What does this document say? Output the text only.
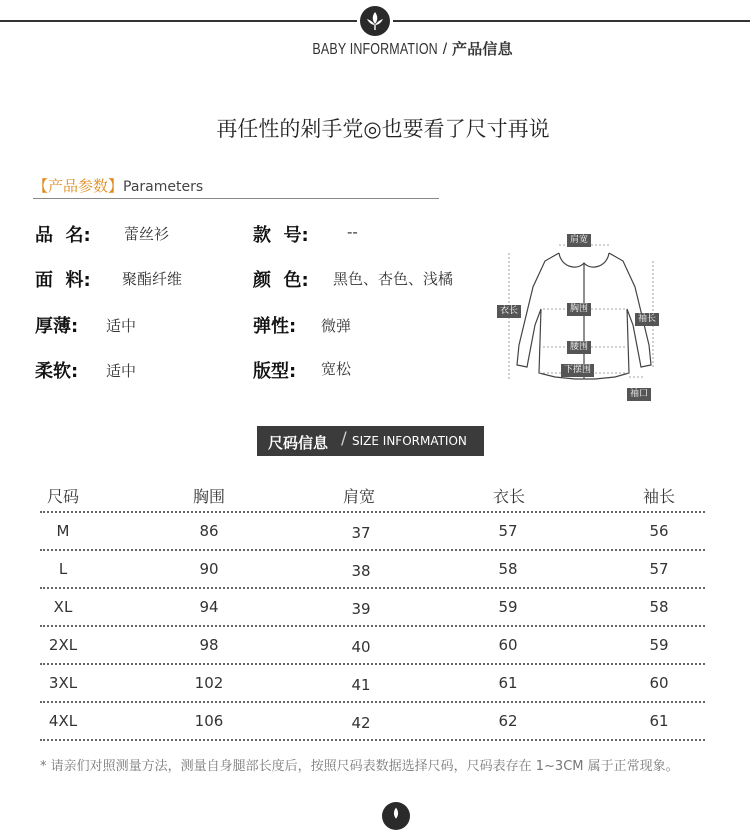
BABY INFORMATION / 产品信息
再任性的剁手党◎也要看了尺寸再说
【产品参数】Parameters
品  名: 蕾丝衫	款  号:	--
面  料: 聚酯纤维	颜  色: 黑色、杏色、浅橘
厚薄: 适中	弹性: 微弹
柔软: 适中	版型: 宽松
肩宽
衣长	胸围
袖长
腰围
下摆围
袖口
尺码信息 / SIZE INFORMATION
尺码	胸围	肩宽	衣长	袖长
M	86	37	57	56
L	90	38	58	57
XL	94	39	59	58
2XL	98	40	60	59
3XL	102	41	61	60
4XL	106	42	62	61
* 请亲们对照测量方法，测量自身腿部长度后，按照尺码表数据选择尺码，尺码表存在 1~3CM 属于正常现象。
